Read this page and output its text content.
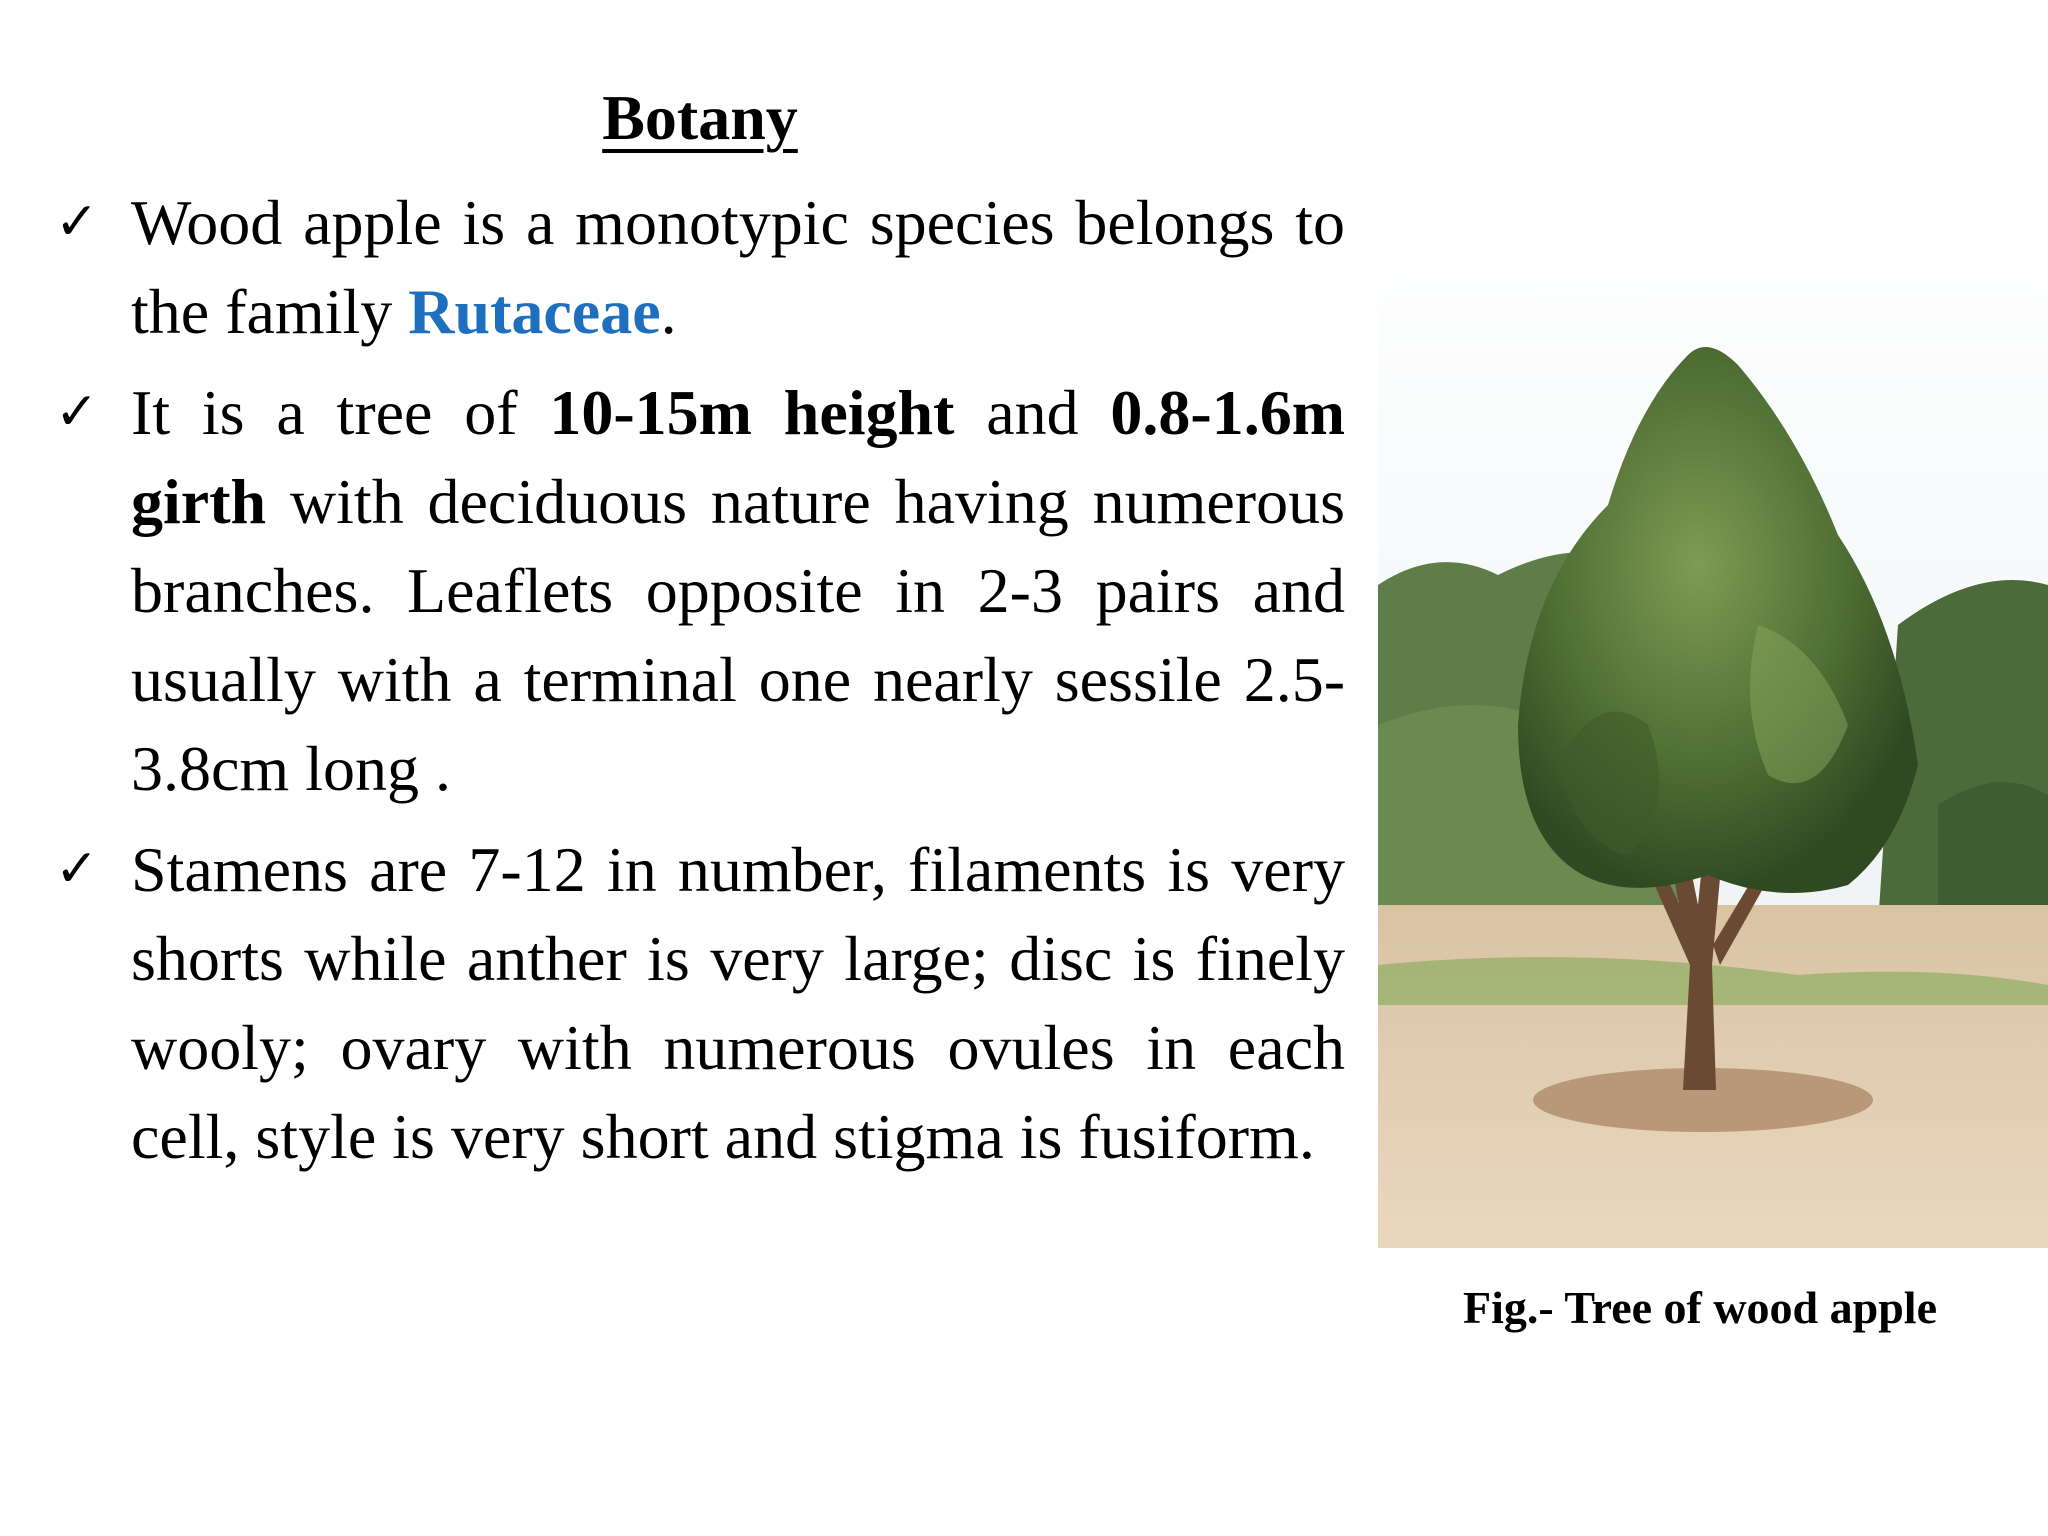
Botany
✓ Wood apple is a monotypic species belongs to the family Rutaceae.
✓ It is a tree of 10-15m height and 0.8-1.6m girth with deciduous nature having numerous branches. Leaflets opposite in 2-3 pairs and usually with a terminal one nearly sessile 2.5-3.8cm long .
✓ Stamens are 7-12 in number, filaments is very shorts while anther is very large; disc is finely wooly; ovary with numerous ovules in each cell, style is very short and stigma is fusiform.
Fig.- Tree of wood apple
